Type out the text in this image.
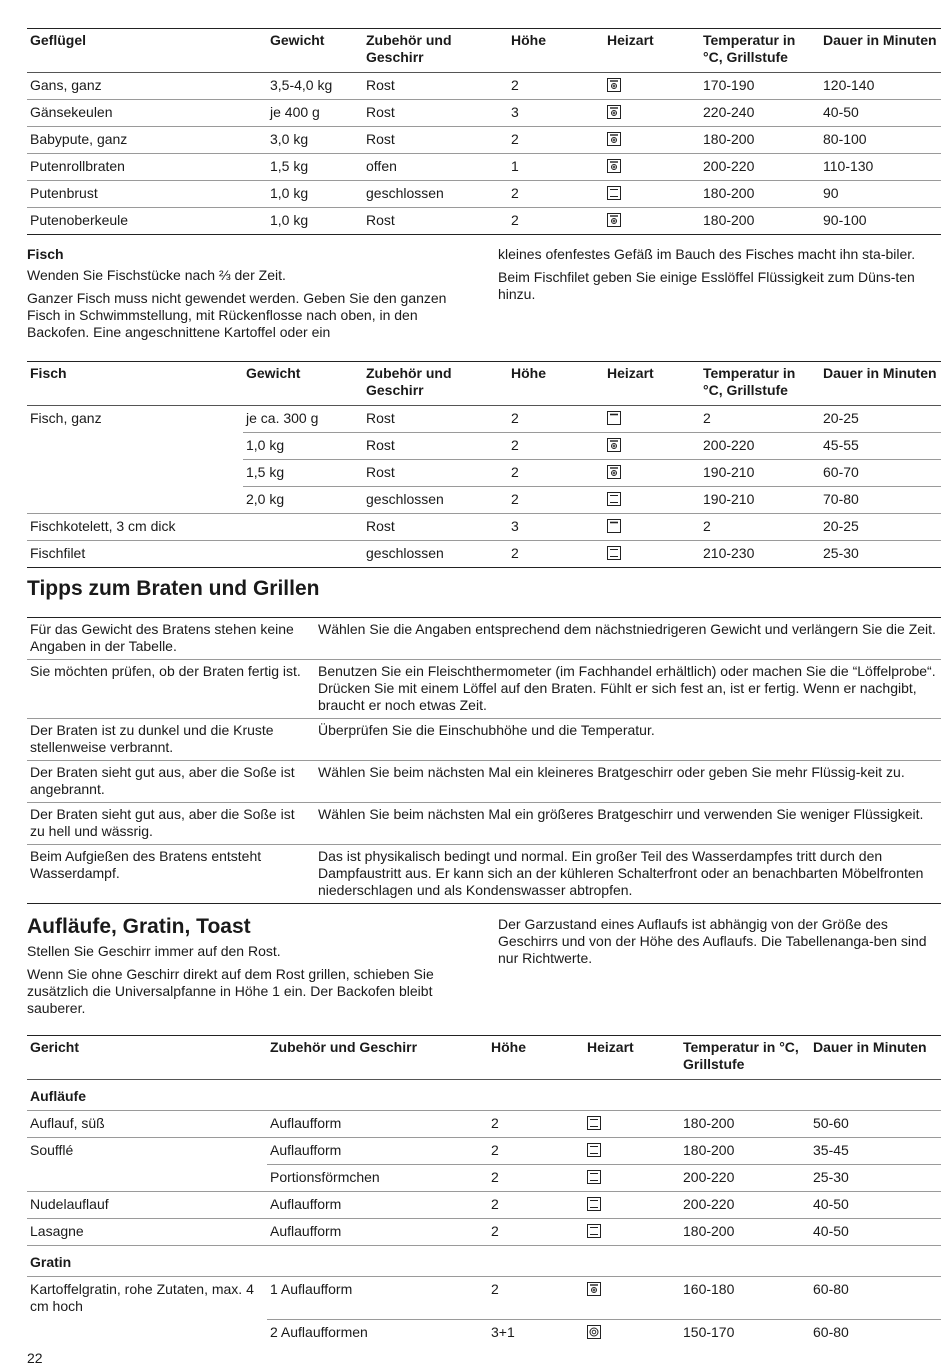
Geflügel	Gewicht	Zubehör und Geschirr	Höhe	Heizart	Temperatur in °C, Grillstufe	Dauer in Minuten
Gans, ganz	3,5-4,0 kg	Rost	2		170-190	120-140
Gänsekeulen	je 400 g	Rost	3		220-240	40-50
Babypute, ganz	3,0 kg	Rost	2		180-200	80-100
Putenrollbraten	1,5 kg	offen	1		200-220	110-130
Putenbrust	1,0 kg	geschlossen	2		180-200	90
Putenoberkeule	1,0 kg	Rost	2		180-200	90-100
Fisch

Wenden Sie Fischstücke nach ⅔ der Zeit.

Ganzer Fisch muss nicht gewendet werden. Geben Sie den ganzen Fisch in Schwimmstellung, mit Rückenflosse nach oben, in den Backofen. Eine angeschnittene Kartoffel oder ein

kleines ofenfestes Gefäß im Bauch des Fisches macht ihn sta-biler.

Beim Fischfilet geben Sie einige Esslöffel Flüssigkeit zum Düns-ten hinzu.

Fisch	Gewicht	Zubehör und Geschirr	Höhe	Heizart	Temperatur in °C, Grillstufe	Dauer in Minuten
Fisch, ganz	je ca. 300 g	Rost	2		2	20-25
	1,0 kg	Rost	2		200-220	45-55
	1,5 kg	Rost	2		190-210	60-70
	2,0 kg	geschlossen	2		190-210	70-80
Fischkotelett, 3 cm dick		Rost	3		2	20-25
Fischfilet		geschlossen	2		210-230	25-30
Tipps zum Braten und Grillen
Für das Gewicht des Bratens stehen keine Angaben in der Tabelle.	Wählen Sie die Angaben entsprechend dem nächstniedrigeren Gewicht und verlängern Sie die Zeit.
Sie möchten prüfen, ob der Braten fertig ist.	Benutzen Sie ein Fleischthermometer (im Fachhandel erhältlich) oder machen Sie die “Löffelprobe“. Drücken Sie mit einem Löffel auf den Braten. Fühlt er sich fest an, ist er fertig. Wenn er nachgibt, braucht er noch etwas Zeit.
Der Braten ist zu dunkel und die Kruste stellenweise verbrannt.	Überprüfen Sie die Einschubhöhe und die Temperatur.
Der Braten sieht gut aus, aber die Soße ist angebrannt.	Wählen Sie beim nächsten Mal ein kleineres Bratgeschirr oder geben Sie mehr Flüssig-keit zu.
Der Braten sieht gut aus, aber die Soße ist zu hell und wässrig.	Wählen Sie beim nächsten Mal ein größeres Bratgeschirr und verwenden Sie weniger Flüssigkeit.
Beim Aufgießen des Bratens entsteht Wasserdampf.	Das ist physikalisch bedingt und normal. Ein großer Teil des Wasserdampfes tritt durch den Dampfaustritt aus. Er kann sich an der kühleren Schalterfront oder an benachbarten Möbelfronten niederschlagen und als Kondenswasser abtropfen.
Aufläufe, Gratin, Toast

Stellen Sie Geschirr immer auf den Rost.

Wenn Sie ohne Geschirr direkt auf dem Rost grillen, schieben Sie zusätzlich die Universalpfanne in Höhe 1 ein. Der Backofen bleibt sauberer.

Der Garzustand eines Auflaufs ist abhängig von der Größe des Geschirrs und von der Höhe des Auflaufs. Die Tabellenanga-ben sind nur Richtwerte.

Gericht	Zubehör und Geschirr	Höhe	Heizart	Temperatur in °C, Grillstufe	Dauer in Minuten
Aufläufe					
Auflauf, süß	Auflaufform	2		180-200	50-60
Soufflé	Auflaufform	2		180-200	35-45
	Portionsförmchen	2		200-220	25-30
Nudelauflauf	Auflaufform	2		200-220	40-50
Lasagne	Auflaufform	2		180-200	40-50
Gratin					
Kartoffelgratin, rohe Zutaten, max. 4 cm hoch	1 Auflaufform	2		160-180	60-80
	2 Auflaufformen	3+1		150-170	60-80
22
